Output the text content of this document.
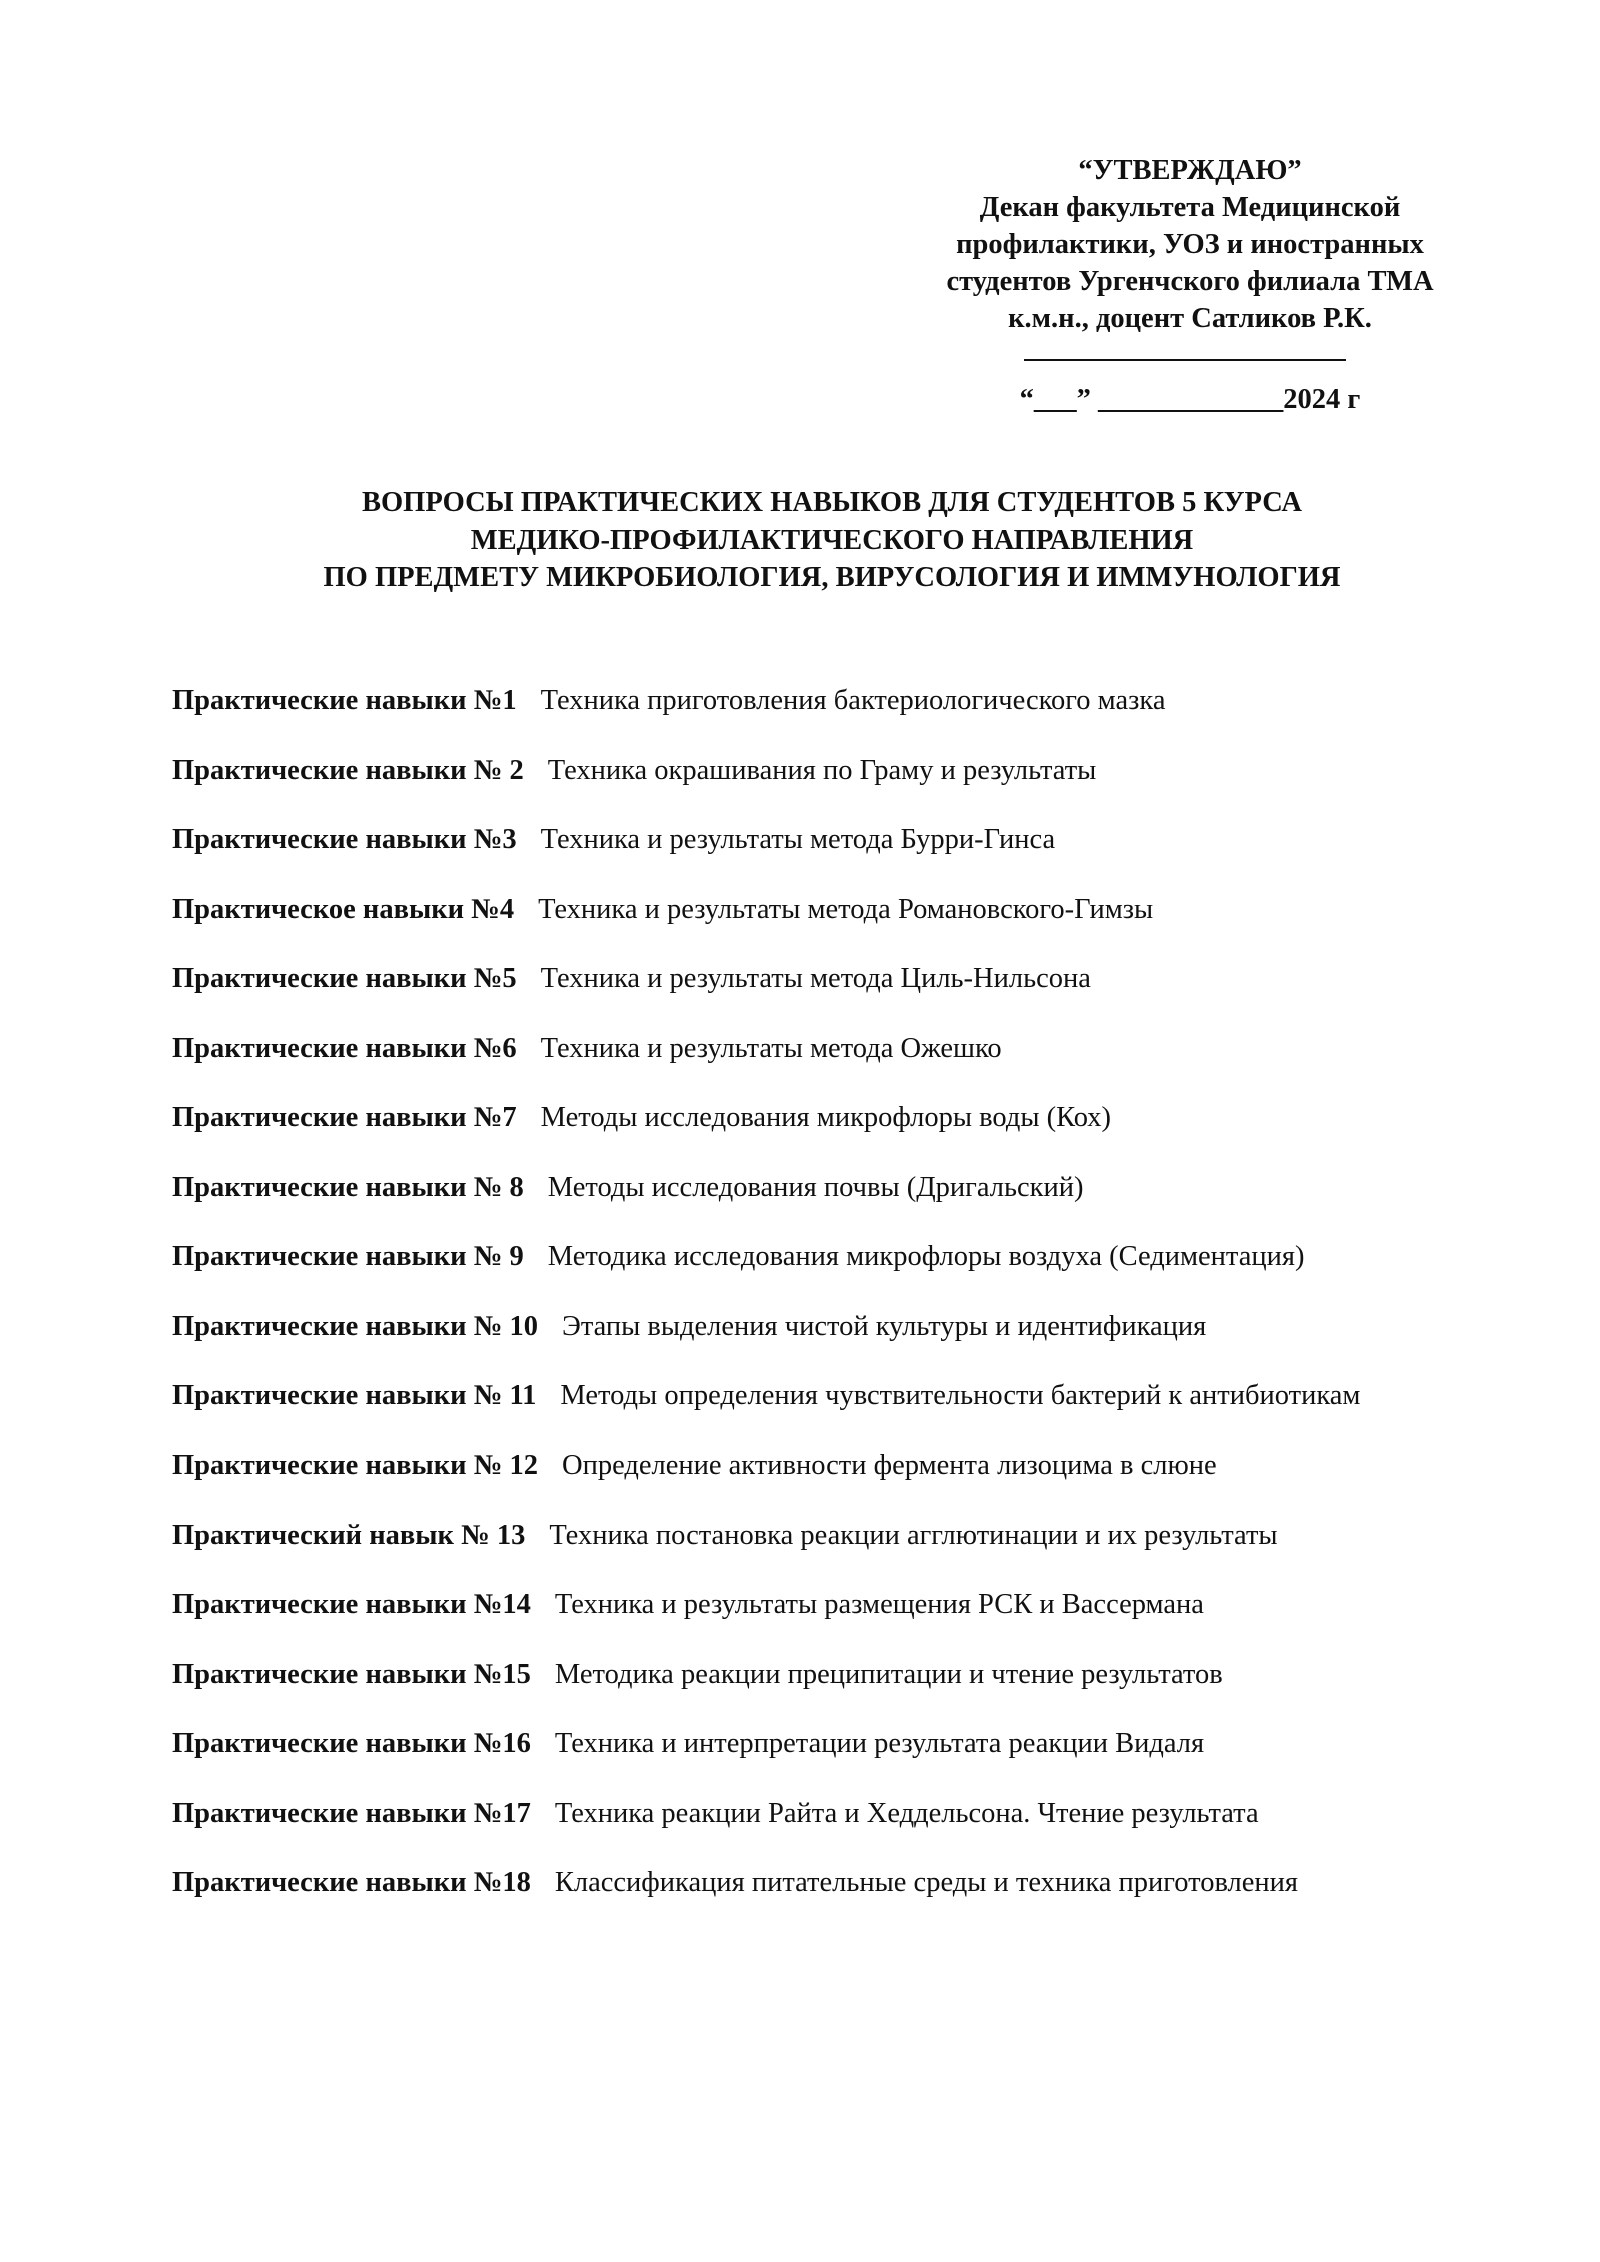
“УТВЕРЖДАЮ”
Декан факультета Медицинской
профилактики, УОЗ и иностранных
студентов Ургенчского филиала ТМА
к.м.н., доцент Сатликов Р.К.
“___” _____________2024 г
ВОПРОСЫ ПРАКТИЧЕСКИХ НАВЫКОВ ДЛЯ СТУДЕНТОВ 5 КУРСА
МЕДИКО-ПРОФИЛАКТИЧЕСКОГО НАПРАВЛЕНИЯ
ПО ПРЕДМЕТУ МИКРОБИОЛОГИЯ, ВИРУСОЛОГИЯ И ИММУНОЛОГИЯ
Практические навыки №1 Техника приготовления бактериологического мазка
Практические навыки № 2 Техника окрашивания по Граму и результаты
Практические навыки №3 Техника и результаты метода Бурри-Гинса
Практическое навыки №4 Техника и результаты метода Романовского-Гимзы
Практические навыки №5 Техника и результаты метода Циль-Нильсона
Практические навыки №6 Техника и результаты метода Ожешко
Практические навыки №7 Методы исследования микрофлоры воды (Кох)
Практические навыки № 8 Методы исследования почвы (Дригальский)
Практические навыки № 9 Методика исследования микрофлоры воздуха (Седиментация)
Практические навыки № 10 Этапы выделения чистой культуры и идентификация
Практические навыки № 11 Методы определения чувствительности бактерий к антибиотикам
Практические навыки № 12 Определение активности фермента лизоцима в слюне
Практический навык № 13 Техника постановка реакции агглютинации и их результаты
Практические навыки №14 Техника и результаты размещения РСК и Вассермана
Практические навыки №15 Методика реакции преципитации и чтение результатов
Практические навыки №16 Техника и интерпретации результата реакции Видаля
Практические навыки №17 Техника реакции Райта и Хеддельсона. Чтение результата
Практические навыки №18 Классификация питательные среды и техника приготовления
